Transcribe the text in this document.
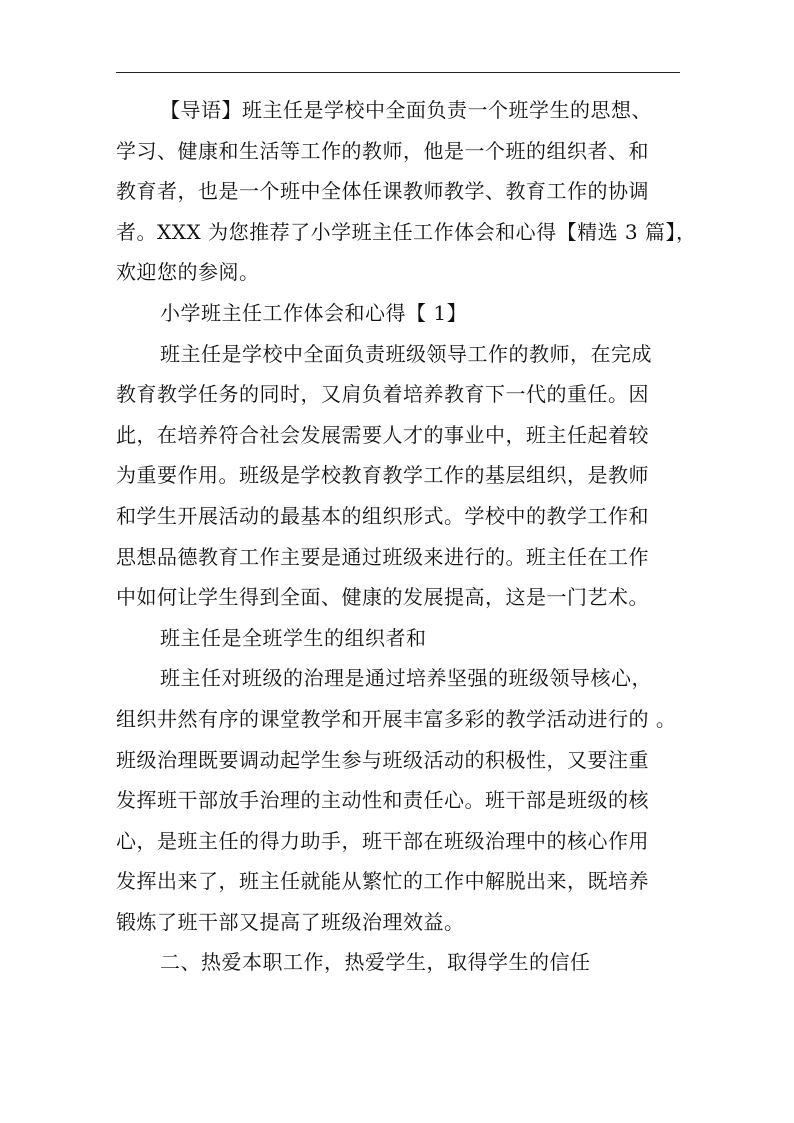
【导语】班主任是学校中全面负责一个班学生的思想、
学习、健康和生活等工作的教师，他是一个班的组织者、和
教育者，也是一个班中全体任课教师教学、教育工作的协调
者。XXX 为您推荐了小学班主任工作体会和心得【精选 3 篇】，
欢迎您的参阅。
小学班主任工作体会和心得【 1】
班主任是学校中全面负责班级领导工作的教师，在完成
教育教学任务的同时，又肩负着培养教育下一代的重任。因
此，在培养符合社会发展需要人才的事业中，班主任起着较
为重要作用。班级是学校教育教学工作的基层组织，是教师
和学生开展活动的最基本的组织形式。学校中的教学工作和
思想品德教育工作主要是通过班级来进行的。班主任在工作
中如何让学生得到全面、健康的发展提高，这是一门艺术。
班主任是全班学生的组织者和
班主任对班级的治理是通过培养坚强的班级领导核心，
组织井然有序的课堂教学和开展丰富多彩的教学活动进行的 。
班级治理既要调动起学生参与班级活动的积极性，又要注重
发挥班干部放手治理的主动性和责任心。班干部是班级的核
心，是班主任的得力助手，班干部在班级治理中的核心作用
发挥出来了，班主任就能从繁忙的工作中解脱出来，既培养
锻炼了班干部又提高了班级治理效益。
二、热爱本职工作，热爱学生，取得学生的信任
